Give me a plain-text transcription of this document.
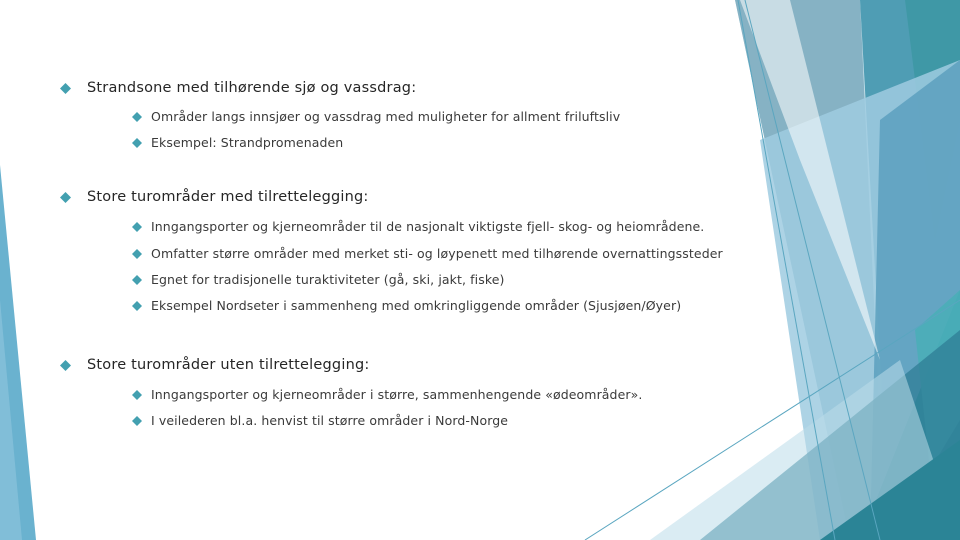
Strandsone med tilhørende sjø og vassdrag:
Områder langs innsjøer og vassdrag med muligheter for allment friluftsliv
Eksempel: Strandpromenaden
Store turområder med tilrettelegging:
Inngangsporter og kjerneområder til de nasjonalt viktigste fjell- skog- og heiområdene.
Omfatter større områder med merket sti- og løypenett med tilhørende overnattingssteder
Egnet for tradisjonelle turaktiviteter (gå, ski, jakt, fiske)
Eksempel Nordseter i sammenheng med omkringliggende områder (Sjusjøen/Øyer)
Store turområder uten tilrettelegging:
Inngangsporter og kjerneområder i større, sammenhengende «ødeområder».
I veilederen bl.a. henvist til større områder i Nord-Norge
